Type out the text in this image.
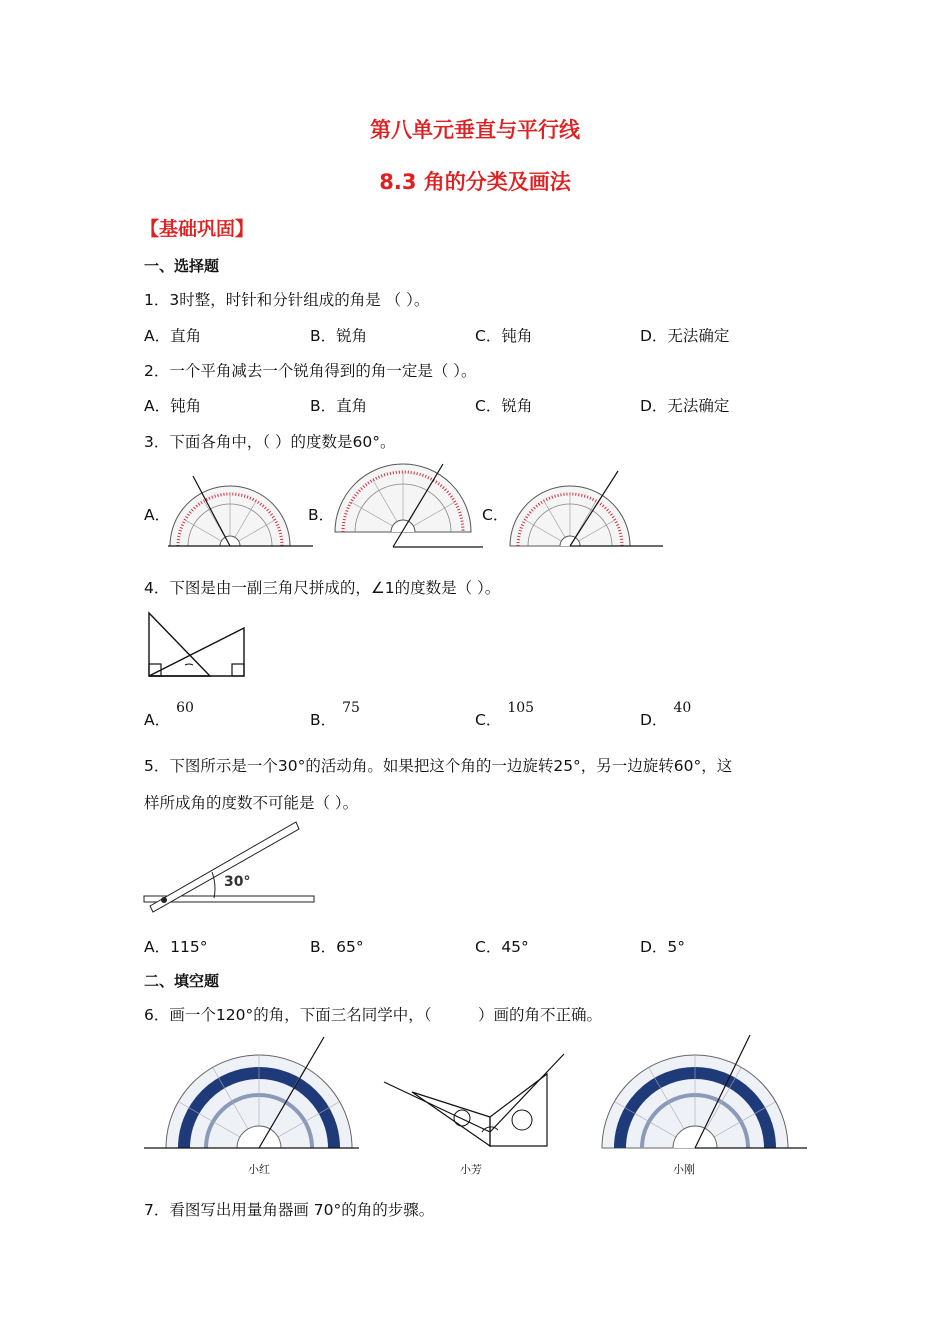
第八单元垂直与平行线
8.3 角的分类及画法
【基础巩固】
一、选择题
1．3时整，时针和分针组成的角是 （ ）。
A．直角	B．锐角	C．钝角	D．无法确定
2．一个平角减去一个锐角得到的角一定是（ ）。
A．钝角	B．直角	C．锐角	D．无法确定
3．下面各角中，（ ）的度数是60°。
A．	B．	C．
4．下图是由一副三角尺拼成的，∠1的度数是（ ）。
A．60
B．75
C．105
D．40
5．下图所示是一个30°的活动角。如果把这个角的一边旋转25°，另一边旋转60°，这
样所成角的度数不可能是（ ）。
30°
A．115°	B．65°	C．45°	D．5°
二、填空题
6．画一个120°的角，下面三名同学中，（　　　）画的角不正确。
小红	小芳	小刚
7．看图写出用量角器画 70°的角的步骤。
